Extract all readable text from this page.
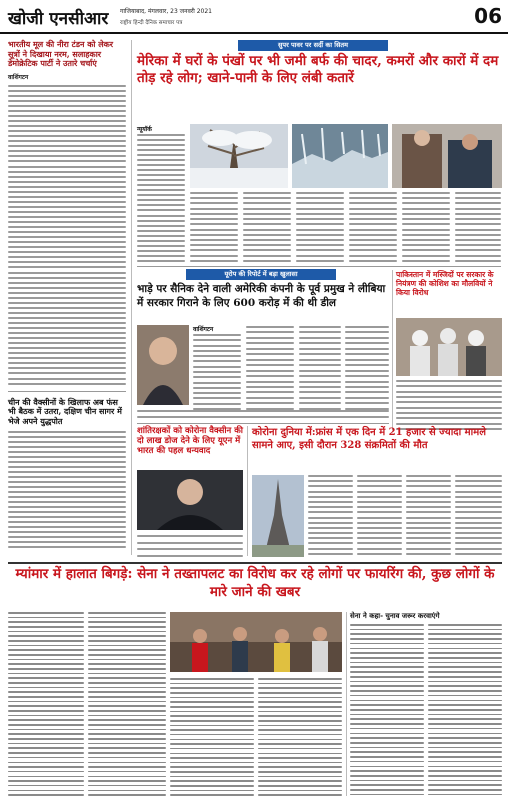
खोजी एनसीआर गाजियाबाद, मंगलवार, 23 जनवरी 2021
राष्ट्रीय हिन्दी दैनिक समाचार पत्र	06
भारतीय मूल की नीरा टंडन को लेकर सूत्रों ने दिखाया नरम, सलाहकार डेमोक्रेटिक पार्टी ने उतारे चर्चाएं
वाशिंगटन
चीन की वैक्सीनों के खिलाफ अब फंस भी बैठक में उतरा, दक्षिण चीन सागर में भेजे अपने युद्धपोत
सुपर पावर पर सर्दी का सितम
मेरिका में घरों के पंखों पर भी जमी बर्फ की चादर, कमरों और कारों में दम तोड़ रहे लोग; खाने-पानी के लिए लंबी कतारें
न्यूयॉर्क
यूरोप की रिपोर्ट में बड़ा खुलासा
भाड़े पर सैनिक देने वाली अमेरिकी कंपनी के पूर्व प्रमुख ने लीबिया में सरकार गिराने के लिए 600 करोड़ में की थी डील
वाशिंगटन
पाकिस्तान में मस्जिदों पर सरकार के नियंत्रण की कोशिश का मौलवियों ने किया विरोध
शांतिरक्षकों को कोरोना वैक्सीन की दो लाख डोज देने के लिए यूएन में भारत की पहल धन्यवाद
कोरोना दुनिया में:फ्रांस में एक दिन में 21 हजार से ज्यादा मामले सामने आए, इसी दौरान 328 संक्रमितों की मौत
म्यांमार में हालात बिगड़े: सेना ने तख्तापलट का विरोध कर रहे लोगों पर फायरिंग की, कुछ लोगों के मारे जाने की खबर
सेना ने कहा- चुनाव जरूर करवाएंगे
